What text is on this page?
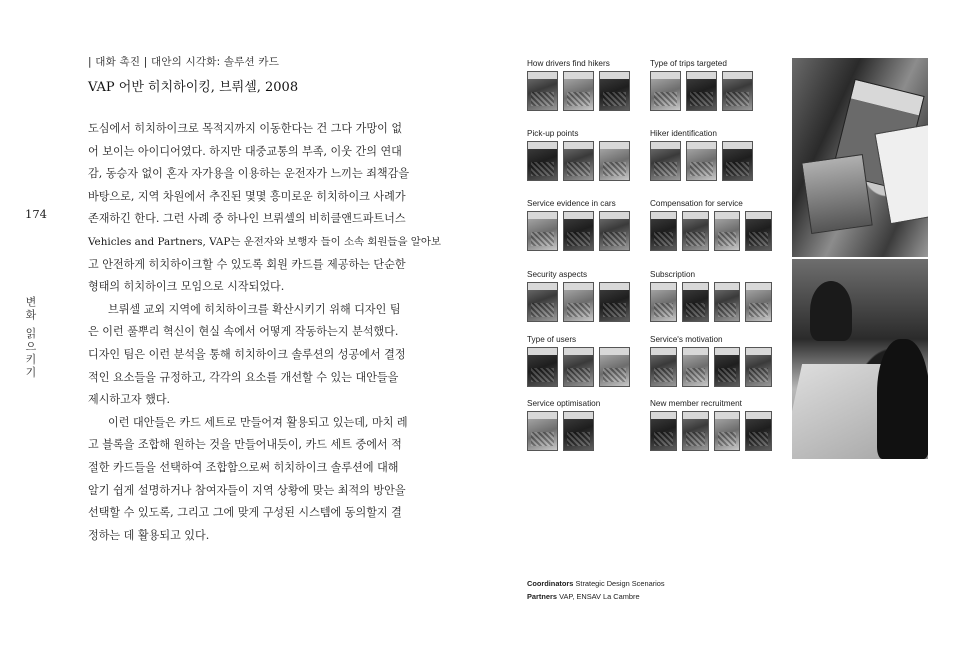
| 대화 촉진 | 대안의 시각화: 솔루션 카드
VAP 어반 히치하이킹, 브뤼셀, 2008
174
변화 읽으키기

도심에서 히치하이크로 목적지까지 이동한다는 건 그다 가망이 없

어 보이는 아이디어였다. 하지만 대중교통의 부족, 이웃 간의 연대

감, 동승자 없이 혼자 자가용을 이용하는 운전자가 느끼는 죄책감을

바탕으로, 지역 차원에서 추진된 몇몇 흥미로운 히치하이크 사례가

존재하긴 한다. 그런 사례 중 하나인 브뤼셀의 비히클앤드파트너스

Vehicles and Partners, VAP는 운전자와 보행자 들이 소속 회원들을 알아보

고 안전하게 히치하이크할 수 있도록 회원 카드를 제공하는 단순한

형태의 히치하이크 모임으로 시작되었다.

브뤼셀 교외 지역에 히치하이크를 확산시키기 위해 디자인 팀

은 이런 풀뿌리 혁신이 현실 속에서 어떻게 작동하는지 분석했다.

디자인 팀은 이런 분석을 통해 히치하이크 솔루션의 성공에서 결정

적인 요소들을 규정하고, 각각의 요소를 개선할 수 있는 대안들을

제시하고자 했다.

이런 대안들은 카드 세트로 만들어져 활용되고 있는데, 마치 레

고 블록을 조합해 원하는 것을 만들어내듯이, 카드 세트 중에서 적

절한 카드들을 선택하여 조합함으로써 히치하이크 솔루션에 대해

알기 쉽게 설명하거나 참여자들이 지역 상황에 맞는 최적의 방안을

선택할 수 있도록, 그리고 그에 맞게 구성된 시스템에 동의할지 결

정하는 데 활용되고 있다.

How drivers find hikers	Type of trips targeted
Pick-up points	Hiker identification
Service evidence in cars	Compensation for service
Security aspects	Subscription
Type of users	Service's motivation
Service optimisation	New member recruitment
Coordinators Strategic Design Scenarios
Partners VAP, ENSAV La Cambre
